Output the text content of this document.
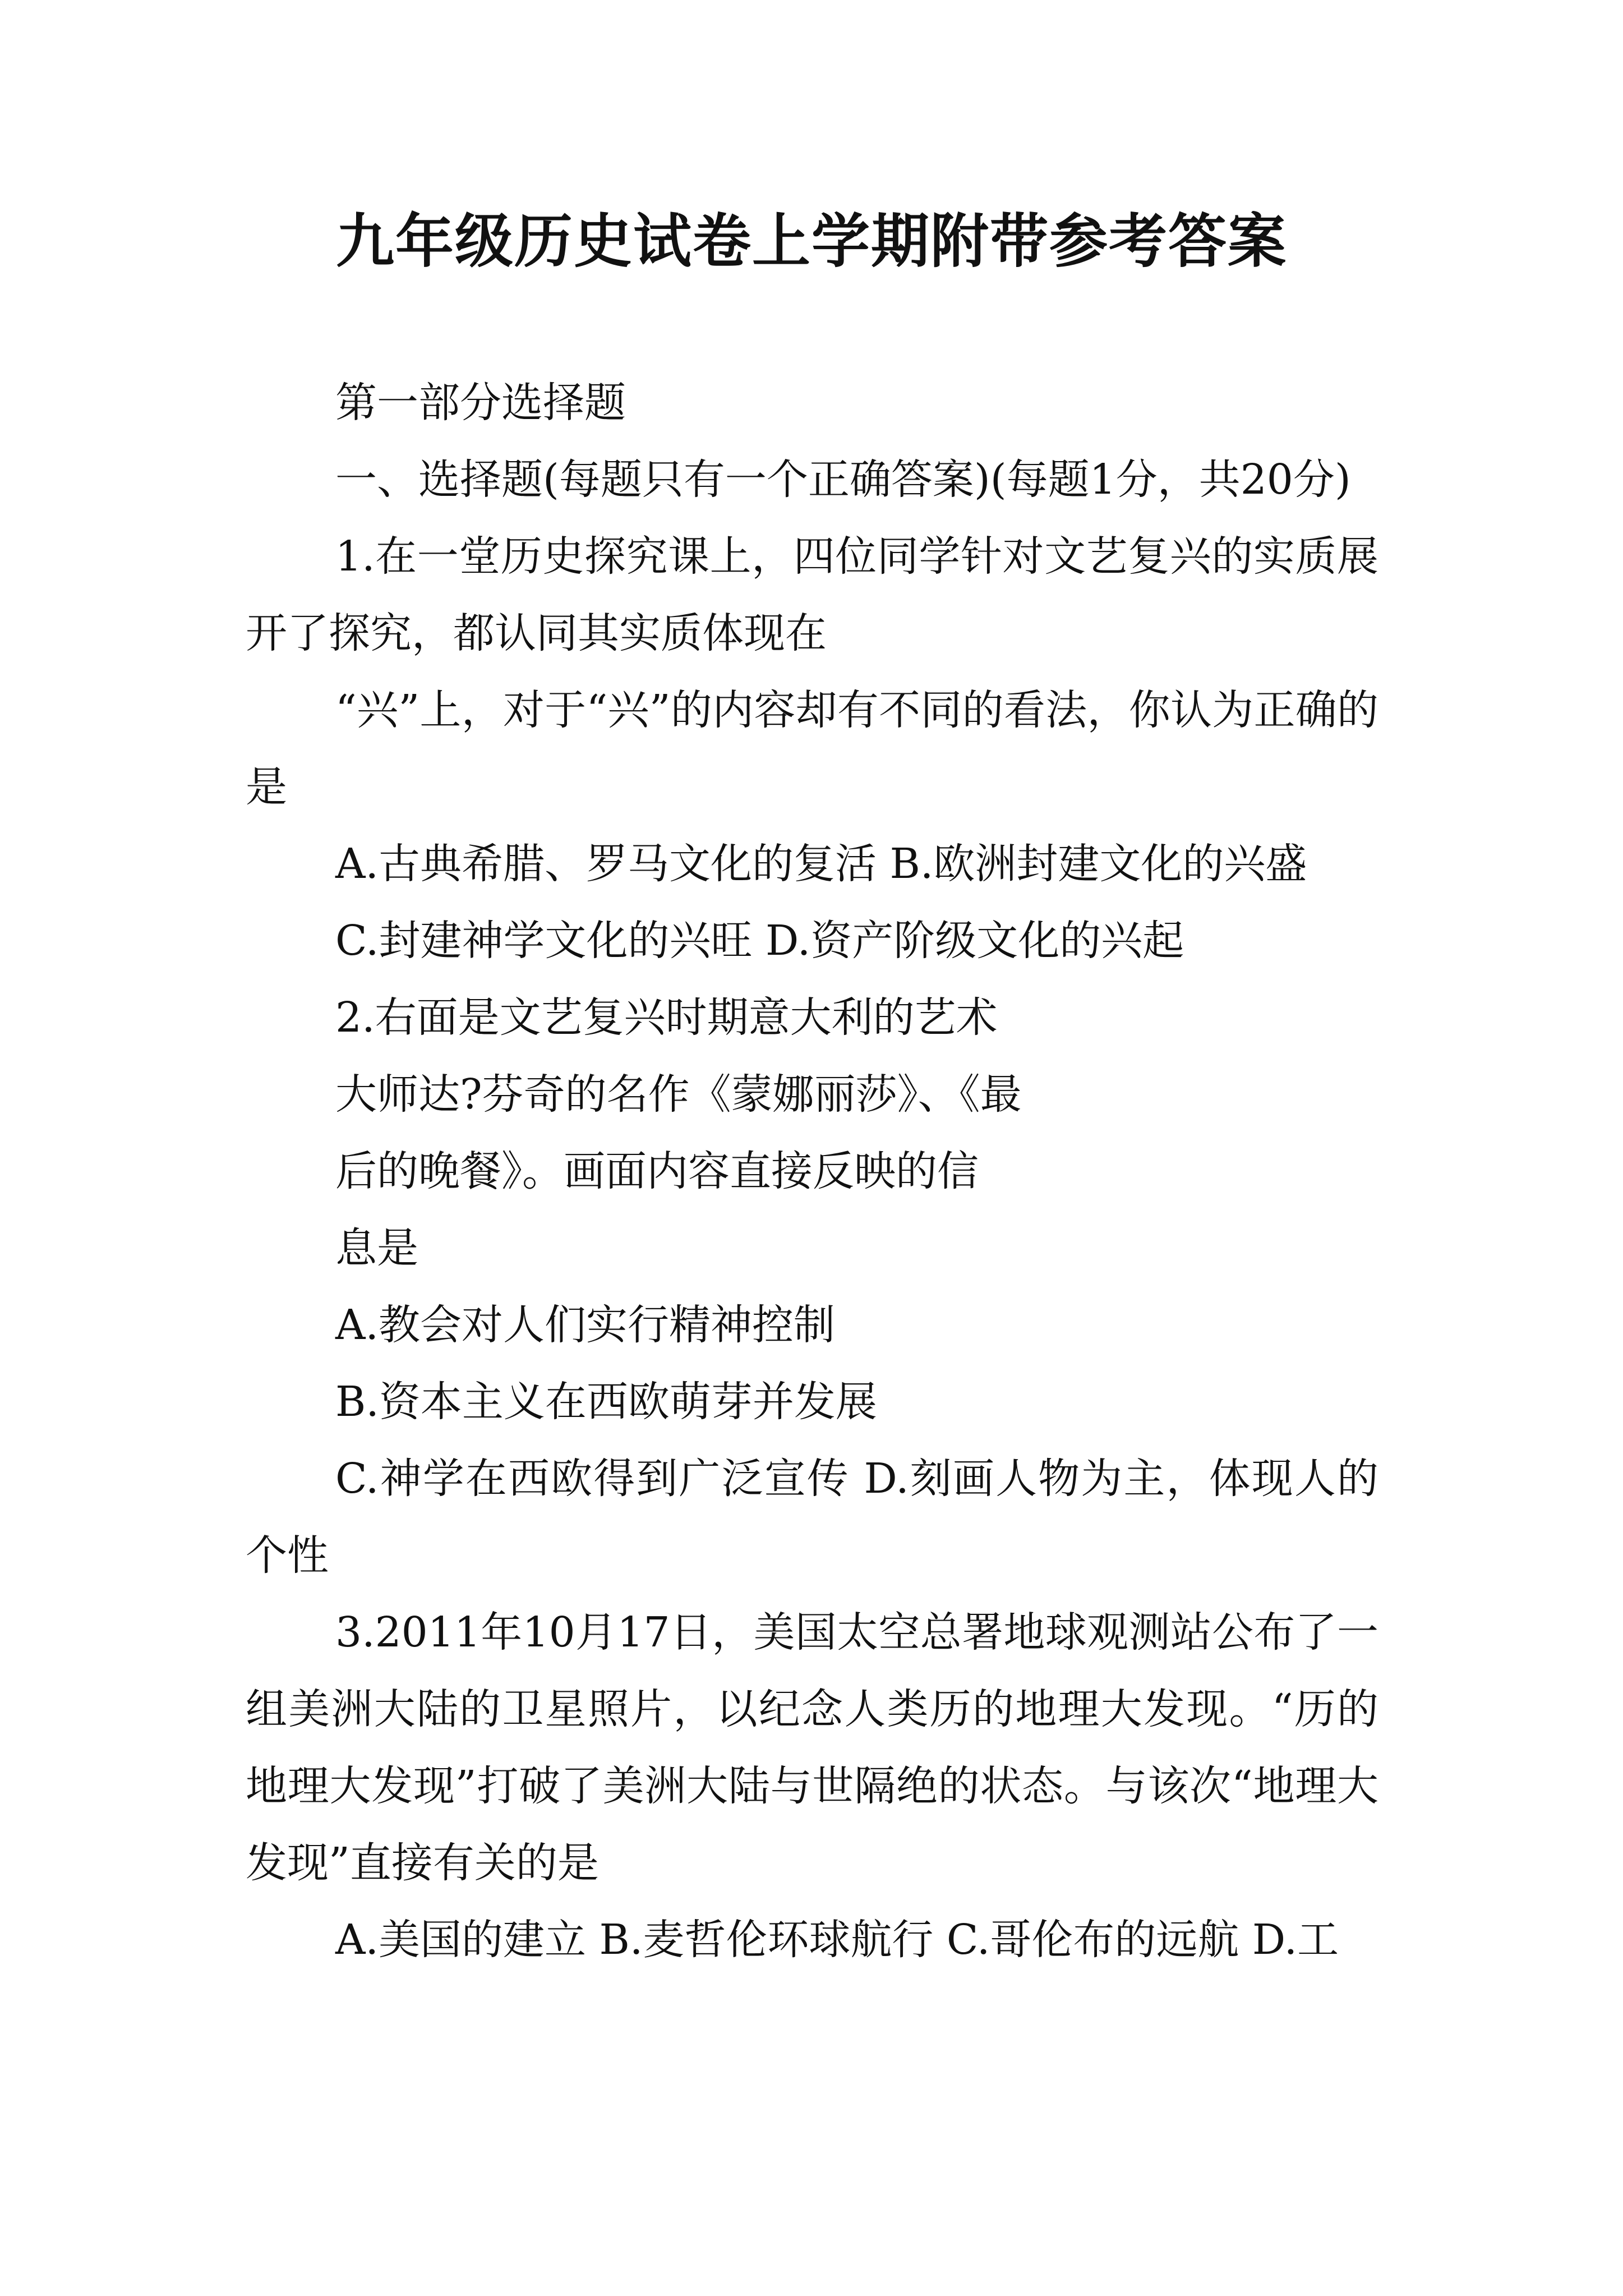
九年级历史试卷上学期附带参考答案

第一部分选择题

一、选择题(每题只有一个正确答案)(每题1分，共20分)

1.在一堂历史探究课上，四位同学针对文艺复兴的实质展开了探究，都认同其实质体现在

“兴”上，对于“兴”的内容却有不同的看法，你认为正确的是

A.古典希腊、罗马文化的复活 B.欧洲封建文化的兴盛

C.封建神学文化的兴旺 D.资产阶级文化的兴起

2.右面是文艺复兴时期意大利的艺术

大师达?芬奇的名作《蒙娜丽莎》、《最

后的晚餐》。画面内容直接反映的信

息是

A.教会对人们实行精神控制

B.资本主义在西欧萌芽并发展

C.神学在西欧得到广泛宣传 D.刻画人物为主，体现人的个性

3.2011年10月17日，美国太空总署地球观测站公布了一组美洲大陆的卫星照片，以纪念人类历的地理大发现。“历的地理大发现”打破了美洲大陆与世隔绝的状态。与该次“地理大发现”直接有关的是

A.美国的建立 B.麦哲伦环球航行 C.哥伦布的远航 D.工
